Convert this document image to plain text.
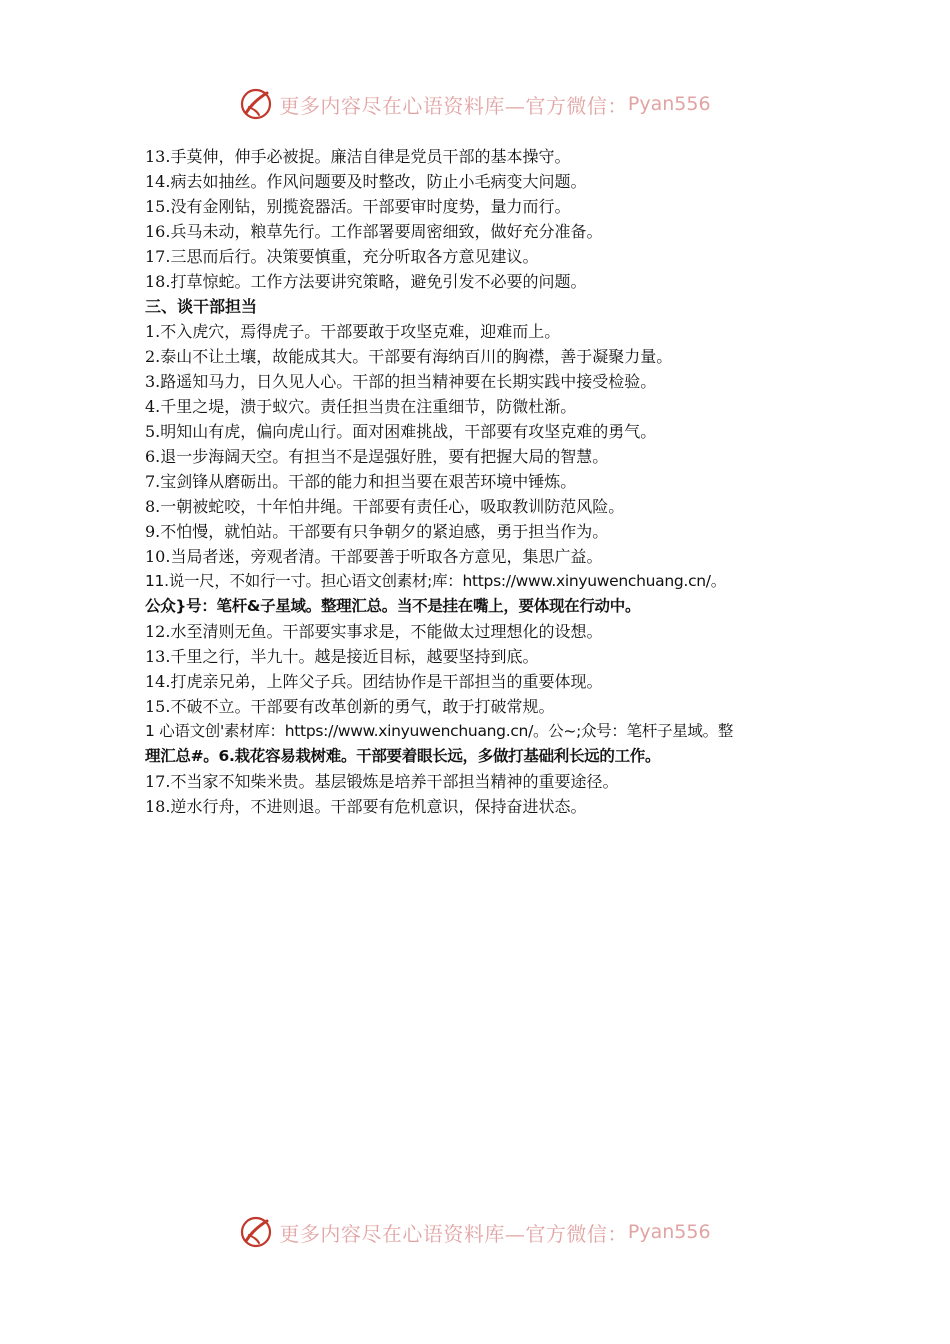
更多内容尽在心语资料库—官方微信： Pyan556
13.手莫伸，伸手必被捉。廉洁自律是党员干部的基本操守。
14.病去如抽丝。作风问题要及时整改，防止小毛病变大问题。
15.没有金刚钻，别揽瓷器活。干部要审时度势，量力而行。
16.兵马未动，粮草先行。工作部署要周密细致，做好充分准备。
17.三思而后行。决策要慎重，充分听取各方意见建议。
18.打草惊蛇。工作方法要讲究策略，避免引发不必要的问题。
三、谈干部担当
1.不入虎穴，焉得虎子。干部要敢于攻坚克难，迎难而上。
2.泰山不让土壤，故能成其大。干部要有海纳百川的胸襟，善于凝聚力量。
3.路遥知马力，日久见人心。干部的担当精神要在长期实践中接受检验。
4.千里之堤，溃于蚁穴。责任担当贵在注重细节，防微杜渐。
5.明知山有虎，偏向虎山行。面对困难挑战，干部要有攻坚克难的勇气。
6.退一步海阔天空。有担当不是逞强好胜，要有把握大局的智慧。
7.宝剑锋从磨砺出。干部的能力和担当要在艰苦环境中锤炼。
8.一朝被蛇咬，十年怕井绳。干部要有责任心，吸取教训防范风险。
9.不怕慢，就怕站。干部要有只争朝夕的紧迫感，勇于担当作为。
10.当局者迷，旁观者清。干部要善于听取各方意见，集思广益。
11.说一尺，不如行一寸。担心语文创素材;库：https://www.xinyuwenchuang.cn/。
公众}号：笔杆&子星域。整理汇总。当不是挂在嘴上，要体现在行动中。
12.水至清则无鱼。干部要实事求是，不能做太过理想化的设想。
13.千里之行，半九十。越是接近目标，越要坚持到底。
14.打虎亲兄弟，上阵父子兵。团结协作是干部担当的重要体现。
15.不破不立。干部要有改革创新的勇气，敢于打破常规。
1 心语文创'素材库：https://www.xinyuwenchuang.cn/。公~;众号：笔杆子星域。整
理汇总#。6.栽花容易栽树难。干部要着眼长远，多做打基础利长远的工作。
17.不当家不知柴米贵。基层锻炼是培养干部担当精神的重要途径。
18.逆水行舟，不进则退。干部要有危机意识，保持奋进状态。
更多内容尽在心语资料库—官方微信： Pyan556
